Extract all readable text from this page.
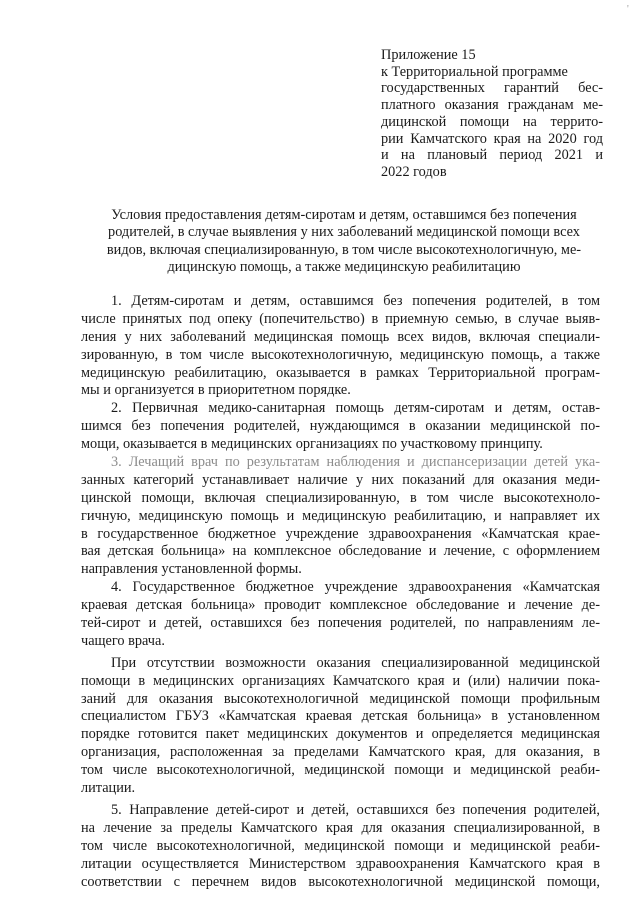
'
Приложение 15
к Территориальной программе
государственных гарантий бес-
платного оказания гражданам ме-
дицинской помощи на террито-
рии Камчатского края на 2020 год
и на плановый период 2021 и
2022 годов
Условия предоставления детям-сиротам и детям, оставшимся без попечения
родителей, в случае выявления у них заболеваний медицинской помощи всех
видов, включая специализированную, в том числе высокотехнологичную, ме-
дицинскую помощь, а также медицинскую реабилитацию
1. Детям-сиротам и детям, оставшимся без попечения родителей, в том
числе принятых под опеку (попечительство) в приемную семью, в случае выяв-
ления у них заболеваний медицинская помощь всех видов, включая специали-
зированную, в том числе высокотехнологичную, медицинскую помощь, а также
медицинскую реабилитацию, оказывается в рамках Территориальной програм-
мы и организуется в приоритетном порядке.
2. Первичная медико-санитарная помощь детям-сиротам и детям, остав-
шимся без попечения родителей, нуждающимся в оказании медицинской по-
мощи, оказывается в медицинских организациях по участковому принципу.
3. Лечащий врач по результатам наблюдения и диспансеризации детей ука-
занных категорий устанавливает наличие у них показаний для оказания меди-
цинской помощи, включая специализированную, в том числе высокотехноло-
гичную, медицинскую помощь и медицинскую реабилитацию, и направляет их
в государственное бюджетное учреждение здравоохранения «Камчатская крае-
вая детская больница» на комплексное обследование и лечение, с оформлением
направления установленной формы.
4. Государственное бюджетное учреждение здравоохранения «Камчатская
краевая детская больница» проводит комплексное обследование и лечение де-
тей-сирот и детей, оставшихся без попечения родителей, по направлениям ле-
чащего врача.
При отсутствии возможности оказания специализированной медицинской
помощи в медицинских организациях Камчатского края и (или) наличии пока-
заний для оказания высокотехнологичной медицинской помощи профильным
специалистом ГБУЗ «Камчатская краевая детская больница» в установленном
порядке готовится пакет медицинских документов и определяется медицинская
организация, расположенная за пределами Камчатского края, для оказания, в
том числе высокотехнологичной, медицинской помощи и медицинской реаби-
литации.
5. Направление детей-сирот и детей, оставшихся без попечения родителей,
на лечение за пределы Камчатского края для оказания специализированной, в
том числе высокотехнологичной, медицинской помощи и медицинской реаби-
литации осуществляется Министерством здравоохранения Камчатского края в
соответствии с перечнем видов высокотехнологичной медицинской помощи,
